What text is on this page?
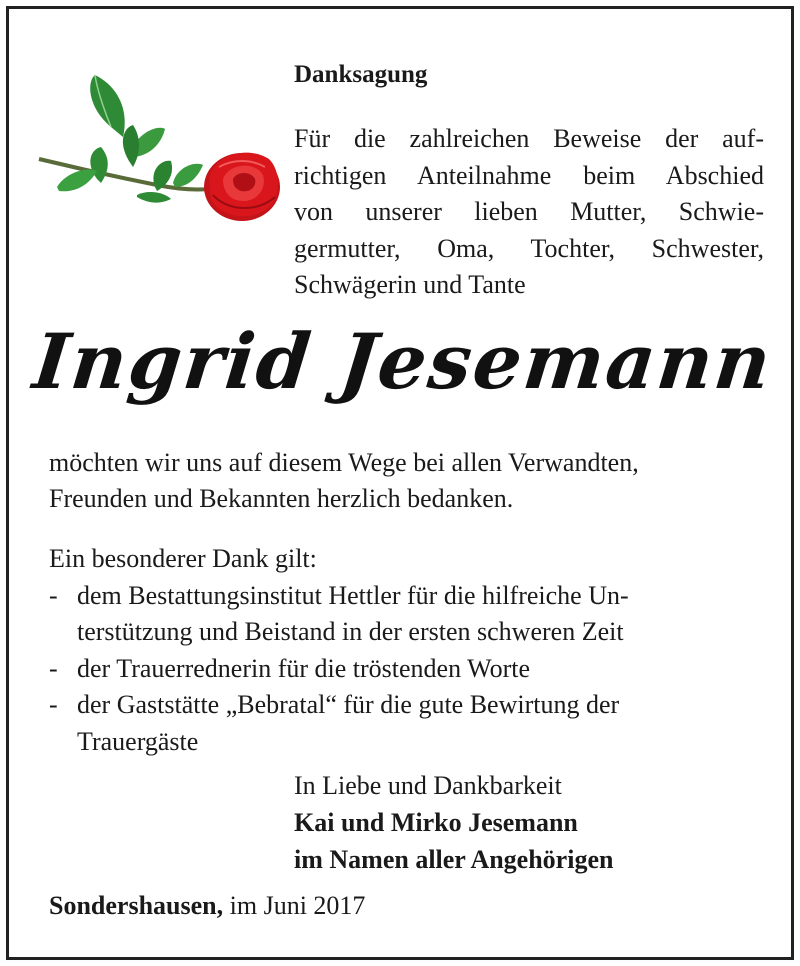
Danksagung
Für die zahlreichen Beweise der auf-
richtigen Anteilnahme beim Abschied
von unserer lieben Mutter, Schwie-
germutter, Oma, Tochter, Schwester,
Schwägerin und Tante
Ingrid Jesemann
möchten wir uns auf diesem Wege bei allen Verwandten,
Freunden und Bekannten herzlich bedanken.
Ein besonderer Dank gilt:
- dem Bestattungsinstitut Hettler für die hilfreiche Un-
terstützung und Beistand in der ersten schweren Zeit
- der Trauerrednerin für die tröstenden Worte
- der Gaststätte „Bebratal“ für die gute Bewirtung der
Trauergäste
In Liebe und Dankbarkeit
Kai und Mirko Jesemann
im Namen aller Angehörigen
Sondershausen, im Juni 2017
